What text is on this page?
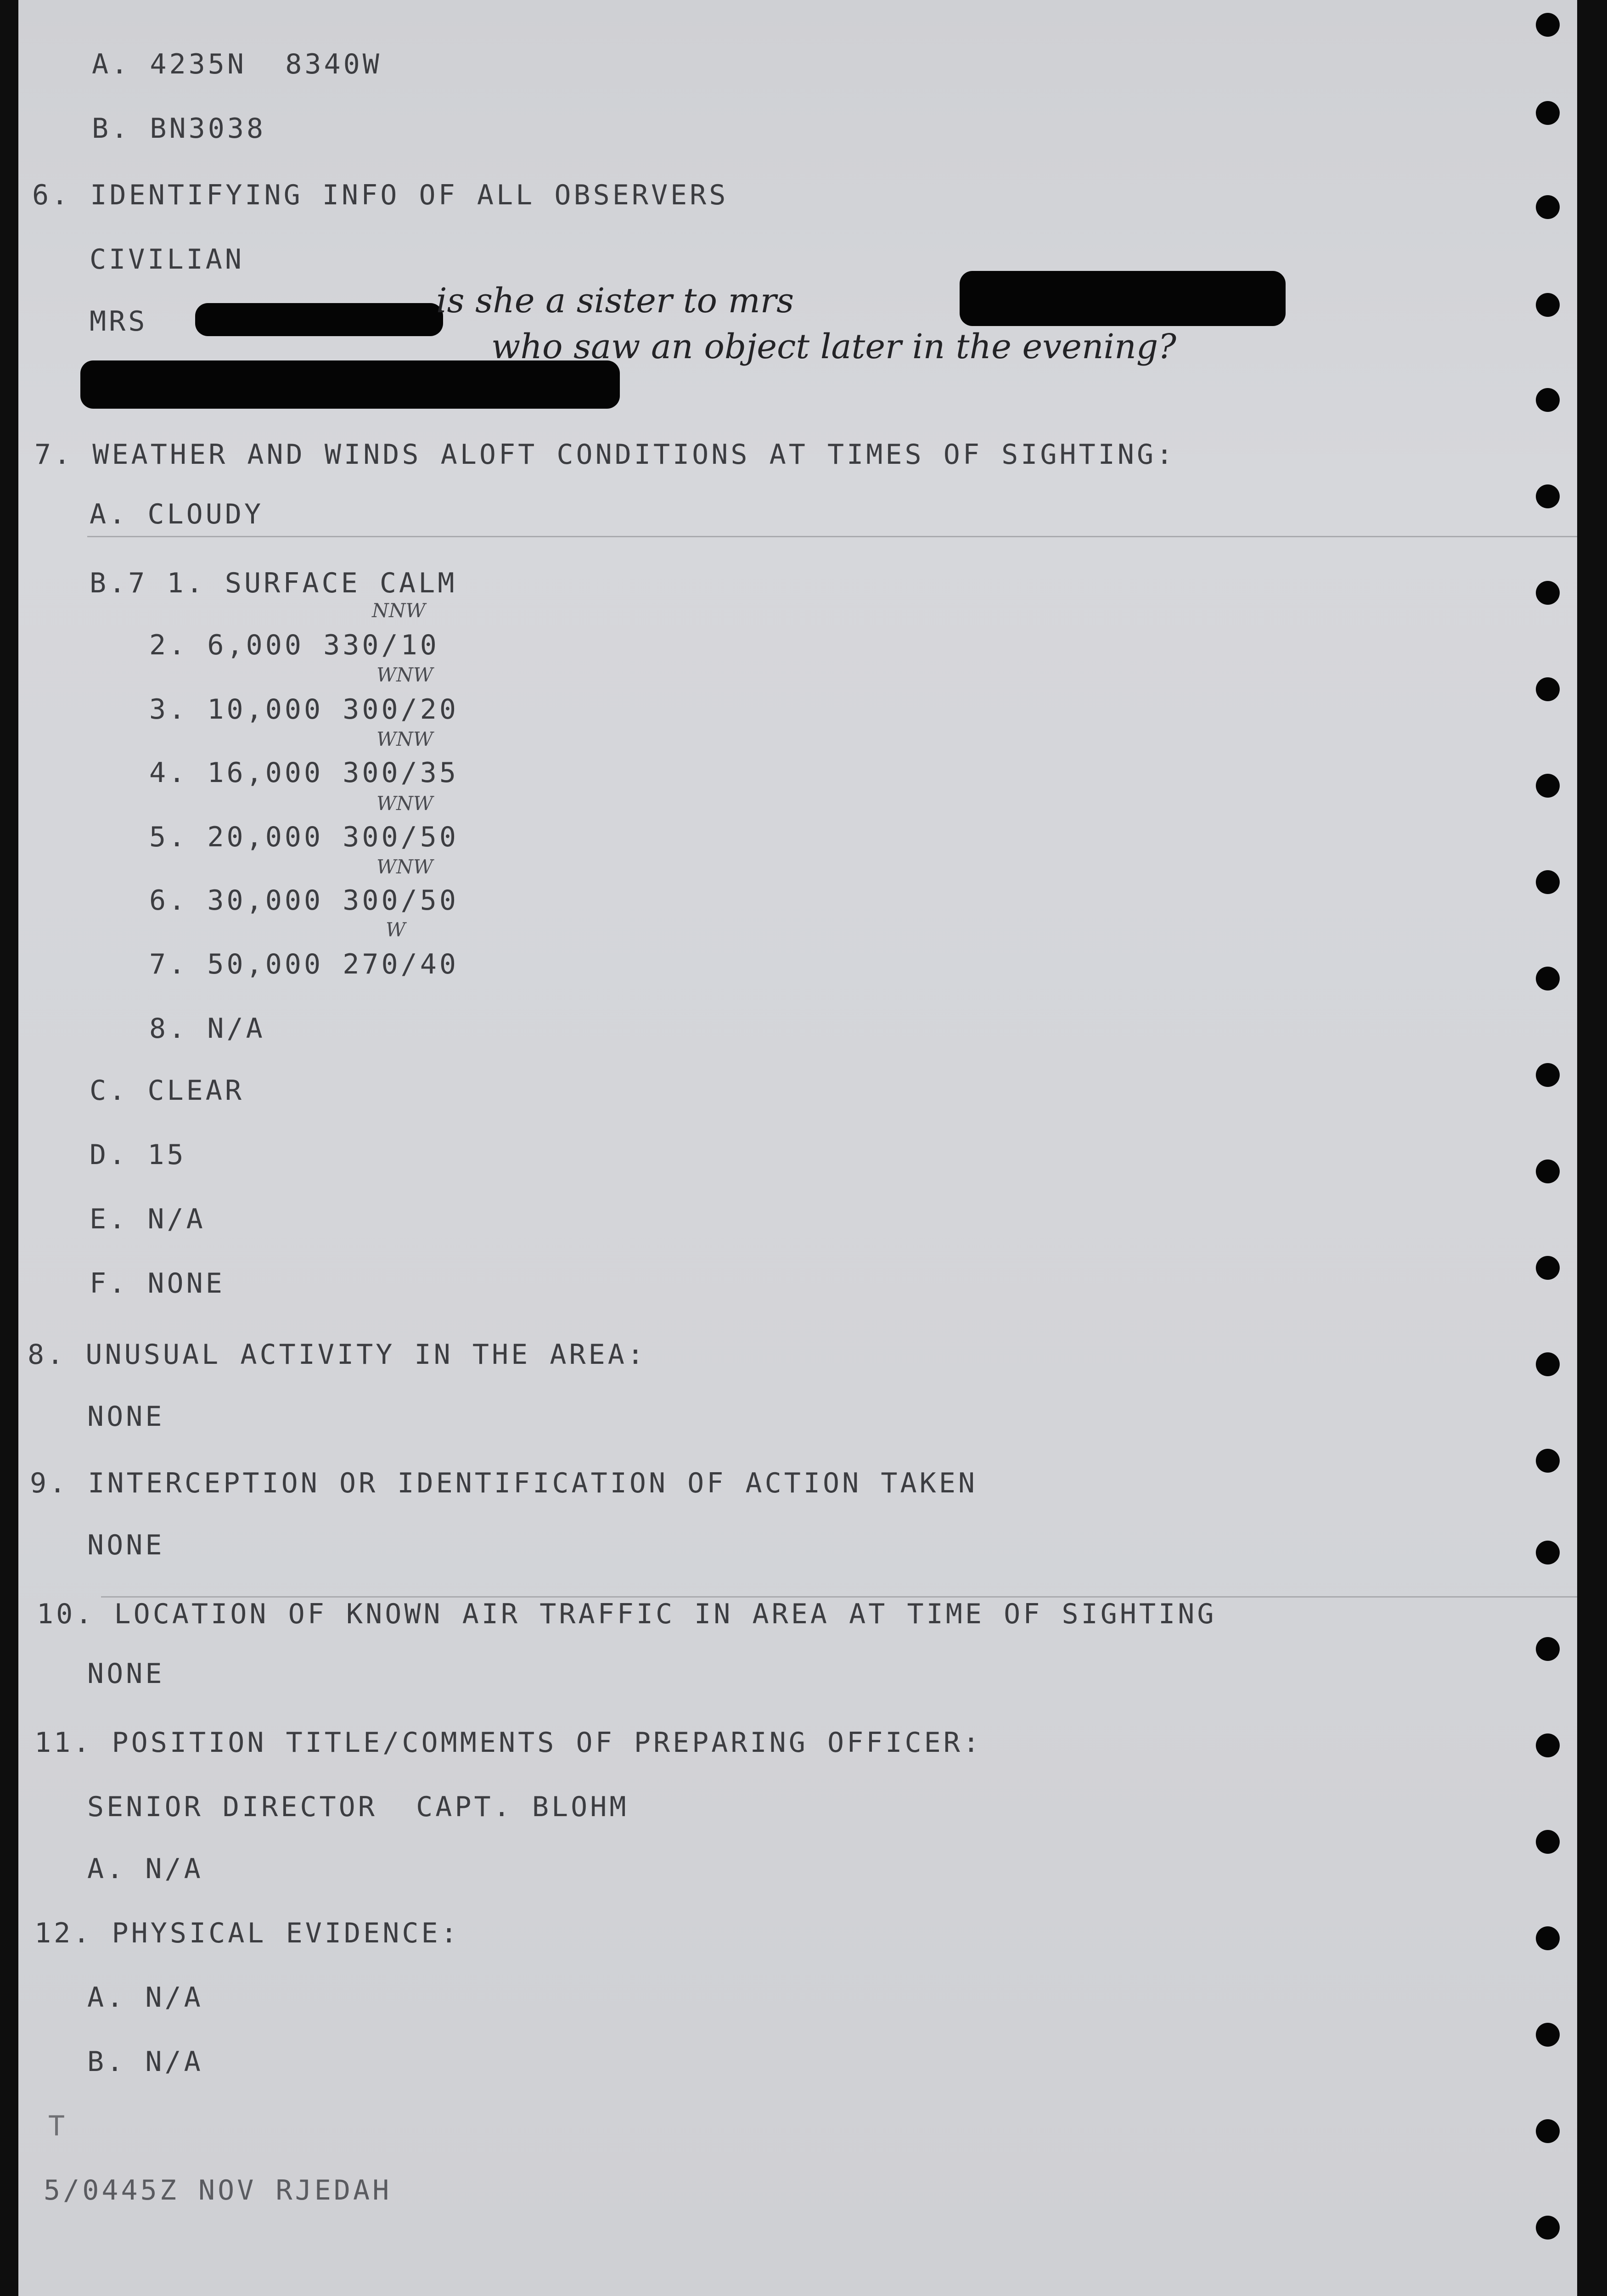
A. 4235N  8340W

B. BN3038

6. IDENTIFYING INFO OF ALL OBSERVERS

CIVILIAN

MRS

is she a sister to mrs

who saw an object later in the evening?

7. WEATHER AND WINDS ALOFT CONDITIONS AT TIMES OF SIGHTING:

A. CLOUDY

B.7 1. SURFACE CALM

NNW

2. 6,000 330/10

WNW

3. 10,000 300/20

WNW

4. 16,000 300/35

WNW

5. 20,000 300/50

WNW

6. 30,000 300/50

W

7. 50,000 270/40

8. N/A

C. CLEAR

D. 15

E. N/A

F. NONE

8. UNUSUAL ACTIVITY IN THE AREA:

NONE

9. INTERCEPTION OR IDENTIFICATION OF ACTION TAKEN

NONE

10. LOCATION OF KNOWN AIR TRAFFIC IN AREA AT TIME OF SIGHTING

NONE

11. POSITION TITLE/COMMENTS OF PREPARING OFFICER:

SENIOR DIRECTOR  CAPT. BLOHM

A. N/A

12. PHYSICAL EVIDENCE:

A. N/A

B. N/A

T

5/0445Z NOV RJEDAH
